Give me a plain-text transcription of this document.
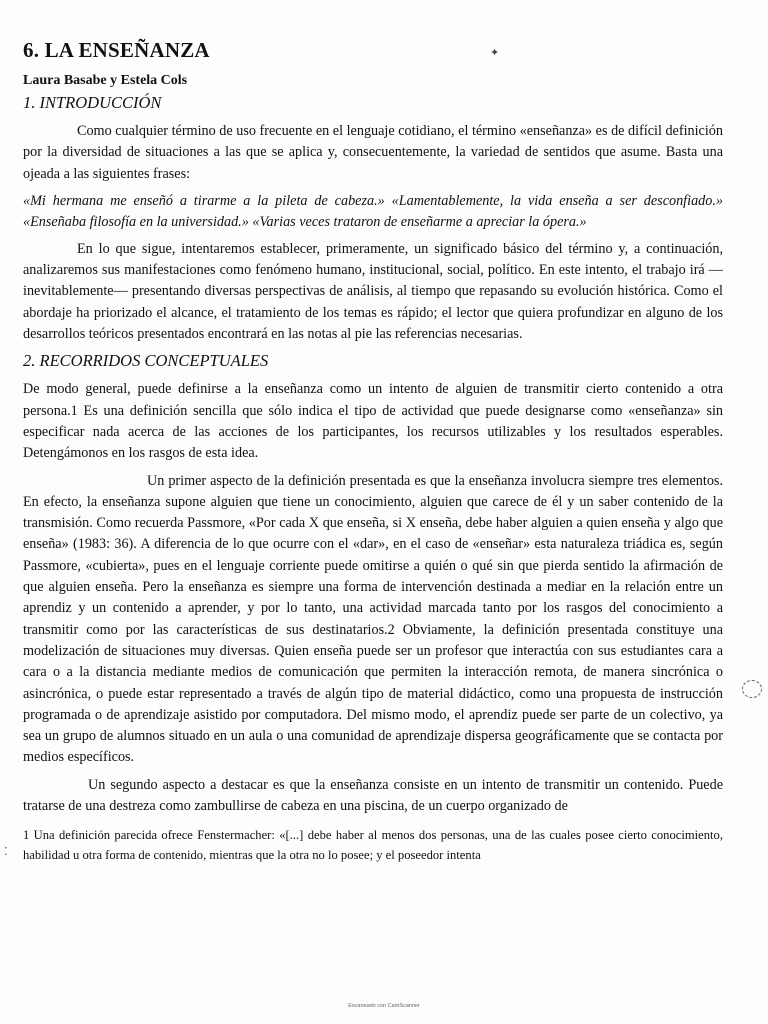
6. LA ENSEÑANZA
Laura Basabe y Estela Cols
1. INTRODUCCIÓN

Como cualquier término de uso frecuente en el lenguaje cotidiano, el término «enseñanza» es de difícil definición por la diversidad de situaciones a las que se aplica y, consecuentemente, la variedad de sentidos que asume. Basta una ojeada a las siguientes frases:

«Mi hermana me enseñó a tirarme a la pileta de cabeza.» «Lamentablemente, la vida enseña a ser desconfiado.» «Enseñaba filosofía en la universidad.» «Varias veces trataron de enseñarme a apreciar la ópera.»

En lo que sigue, intentaremos establecer, primeramente, un significado básico del término y, a continuación, analizaremos sus manifestaciones como fenómeno humano, institucional, social, político. En este intento, el trabajo irá —inevitablemente— presentando diversas perspectivas de análisis, al tiempo que repasando su evolución histórica. Como el abordaje ha priorizado el alcance, el tratamiento de los temas es rápido; el lector que quiera profundizar en alguno de los desarrollos teóricos presentados encontrará en las notas al pie las referencias necesarias.

2. RECORRIDOS CONCEPTUALES

De modo general, puede definirse a la enseñanza como un intento de alguien de transmitir cierto contenido a otra persona.1 Es una definición sencilla que sólo indica el tipo de actividad que puede designarse como «enseñanza» sin especificar nada acerca de las acciones de los participantes, los recursos utilizables y los resultados esperables. Detengámonos en los rasgos de esta idea.

Un primer aspecto de la definición presentada es que la enseñanza involucra siempre tres elementos. En efecto, la enseñanza supone alguien que tiene un conocimiento, alguien que carece de él y un saber contenido de la transmisión. Como recuerda Passmore, «Por cada X que enseña, si X enseña, debe haber alguien a quien enseña y algo que enseña» (1983: 36). A diferencia de lo que ocurre con el «dar», en el caso de «enseñar» esta naturaleza triádica es, según Passmore, «cubierta», pues en el lenguaje corriente puede omitirse a quién o qué sin que pierda sentido la afirmación de que alguien enseña. Pero la enseñanza es siempre una forma de intervención destinada a mediar en la relación entre un aprendiz y un contenido a aprender, y por lo tanto, una actividad marcada tanto por los rasgos del conocimiento a transmitir como por las características de sus destinatarios.2 Obviamente, la definición presentada constituye una modelización de situaciones muy diversas. Quien enseña puede ser un profesor que interactúa con sus estudiantes cara a cara o a la distancia mediante medios de comunicación que permiten la interacción remota, de manera sincrónica o asincrónica, o puede estar representado a través de algún tipo de material didáctico, como una propuesta de instrucción programada o de aprendizaje asistido por computadora. Del mismo modo, el aprendiz puede ser parte de un colectivo, ya sea un grupo de alumnos situado en un aula o una comunidad de aprendizaje dispersa geográficamente que se contacta por medios específicos.

Un segundo aspecto a destacar es que la enseñanza consiste en un intento de transmitir un contenido. Puede tratarse de una destreza como zambullirse de cabeza en una piscina, de un cuerpo organizado de

1 Una definición parecida ofrece Fenstermacher: «[...] debe haber al menos dos personas, una de las cuales posee cierto conocimiento, habilidad u otra forma de contenido, mientras que la otra no lo posee; y el poseedor intenta

Escaneado con CamScanner
✦
⁚
